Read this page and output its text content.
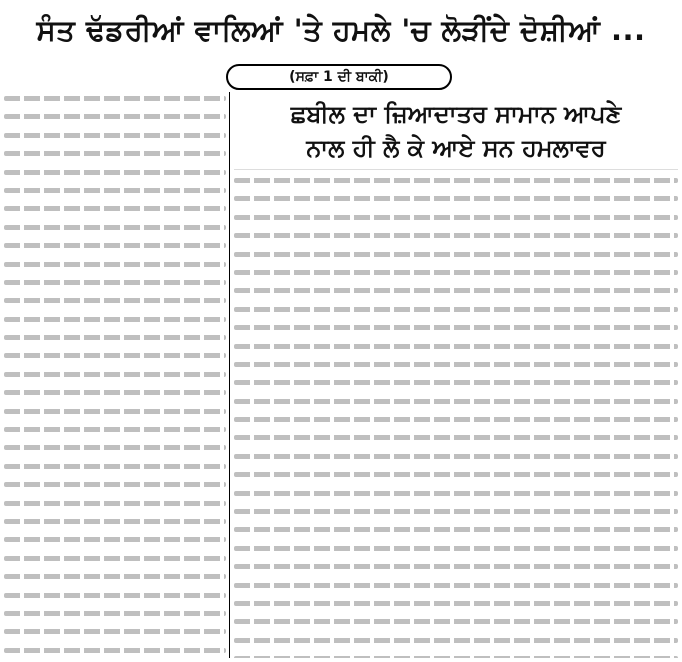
ਸੰਤ ਢੱਡਰੀਆਂ ਵਾਲਿਆਂ 'ਤੇ ਹਮਲੇ 'ਚ ਲੋੜੀਂਦੇ ਦੋਸ਼ੀਆਂ ...
(ਸਫ਼ਾ 1 ਦੀ ਬਾਕੀ)
ਛਬੀਲ ਦਾ ਜ਼ਿਆਦਾਤਰ ਸਾਮਾਨ ਆਪਣੇ
ਨਾਲ ਹੀ ਲੈ ਕੇ ਆਏ ਸਨ ਹਮਲਾਵਰ
